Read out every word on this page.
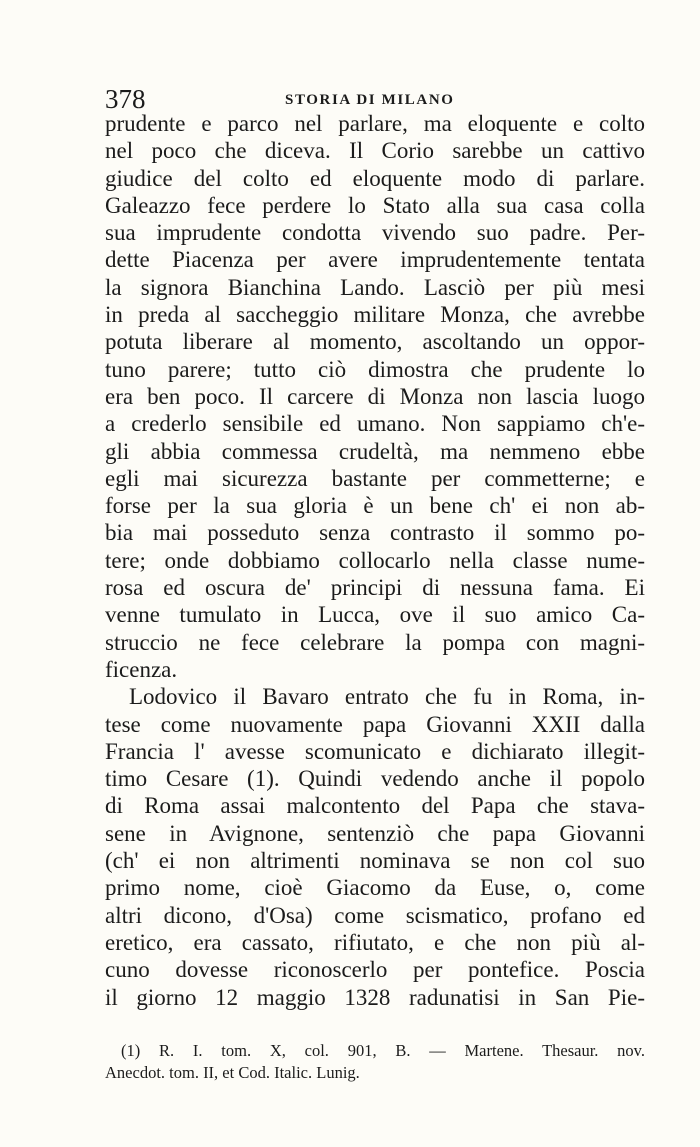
378	STORIA DI MILANO
prudente e parco nel parlare, ma eloquente e colto
nel poco che diceva. Il Corio sarebbe un cattivo
giudice del colto ed eloquente modo di parlare.
Galeazzo fece perdere lo Stato alla sua casa colla
sua imprudente condotta vivendo suo padre. Per-
dette Piacenza per avere imprudentemente tentata
la signora Bianchina Lando. Lasciò per più mesi
in preda al saccheggio militare Monza, che avrebbe
potuta liberare al momento, ascoltando un oppor-
tuno parere; tutto ciò dimostra che prudente lo
era ben poco. Il carcere di Monza non lascia luogo
a crederlo sensibile ed umano. Non sappiamo ch'e-
gli abbia commessa crudeltà, ma nemmeno ebbe
egli mai sicurezza bastante per commetterne; e
forse per la sua gloria è un bene ch' ei non ab-
bia mai posseduto senza contrasto il sommo po-
tere; onde dobbiamo collocarlo nella classe nume-
rosa ed oscura de' principi di nessuna fama. Ei
venne tumulato in Lucca, ove il suo amico Ca-
struccio ne fece celebrare la pompa con magni-
ficenza.
Lodovico il Bavaro entrato che fu in Roma, in-
tese come nuovamente papa Giovanni XXII dalla
Francia l' avesse scomunicato e dichiarato illegit-
timo Cesare (1). Quindi vedendo anche il popolo
di Roma assai malcontento del Papa che stava-
sene in Avignone, sentenziò che papa Giovanni
(ch' ei non altrimenti nominava se non col suo
primo nome, cioè Giacomo da Euse, o, come
altri dicono, d'Osa) come scismatico, profano ed
eretico, era cassato, rifiutato, e che non più al-
cuno dovesse riconoscerlo per pontefice. Poscia
il giorno 12 maggio 1328 radunatisi in San Pie-
(1) R. I. tom. X, col. 901, B. — Martene. Thesaur. nov.
Anecdot. tom. II, et Cod. Italic. Lunig.
